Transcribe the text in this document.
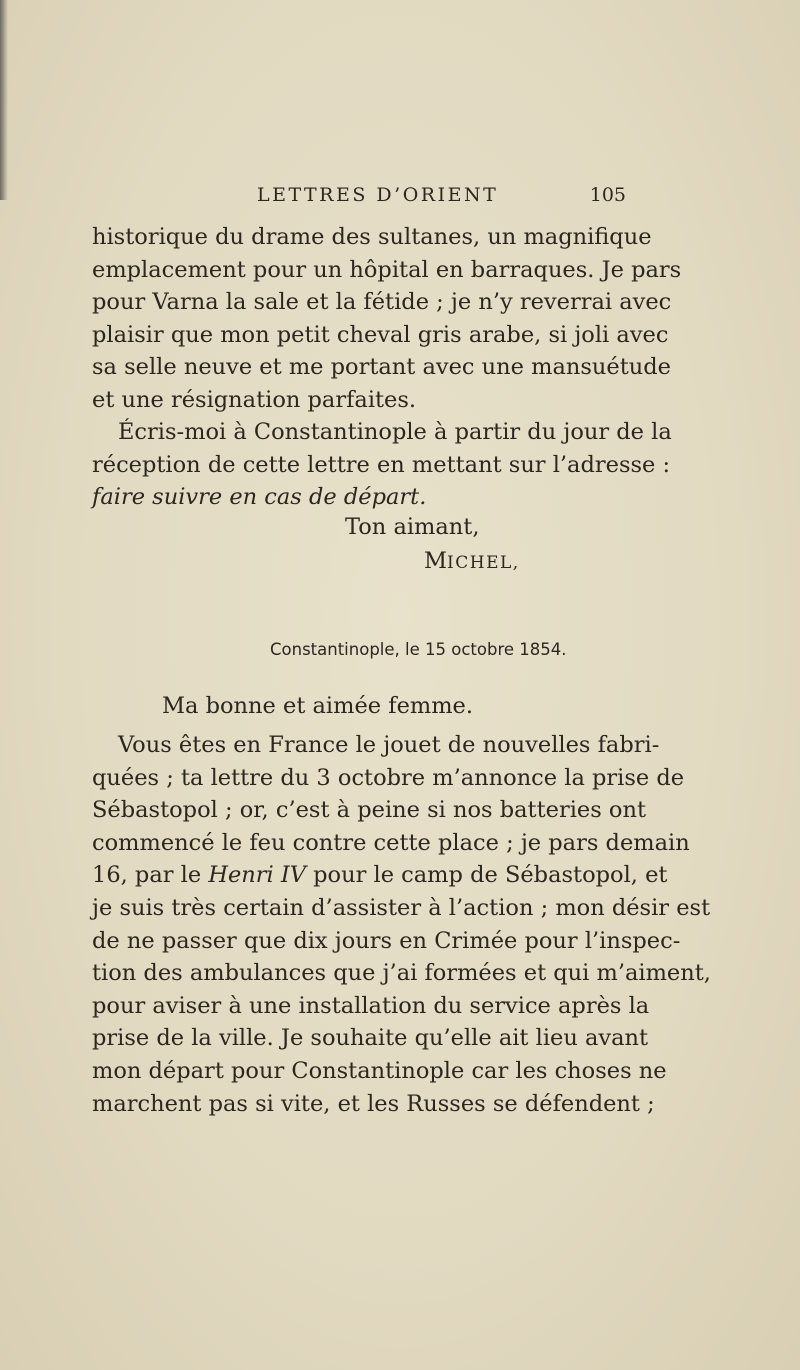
LETTRES D’ORIENT	105
historique du drame des sultanes, un magnifique
emplacement pour un hôpital en barraques. Je pars
pour Varna la sale et la fétide ; je n’y reverrai avec
plaisir que mon petit cheval gris arabe, si joli avec
sa selle neuve et me portant avec une mansuétude
et une résignation parfaites.
Écris-moi à Constantinople à partir du jour de la
réception de cette lettre en mettant sur l’adresse :
faire suivre en cas de départ.
Ton aimant,
MICHEL,
Constantinople, le 15 octobre 1854.
Ma bonne et aimée femme.
Vous êtes en France le jouet de nouvelles fabri-
quées ; ta lettre du 3 octobre m’annonce la prise de
Sébastopol ; or, c’est à peine si nos batteries ont
commencé le feu contre cette place ; je pars demain
16, par le Henri IV pour le camp de Sébastopol, et
je suis très certain d’assister à l’action ; mon désir est
de ne passer que dix jours en Crimée pour l’inspec-
tion des ambulances que j’ai formées et qui m’aiment,
pour aviser à une installation du service après la
prise de la ville. Je souhaite qu’elle ait lieu avant
mon départ pour Constantinople car les choses ne
marchent pas si vite, et les Russes se défendent ;
